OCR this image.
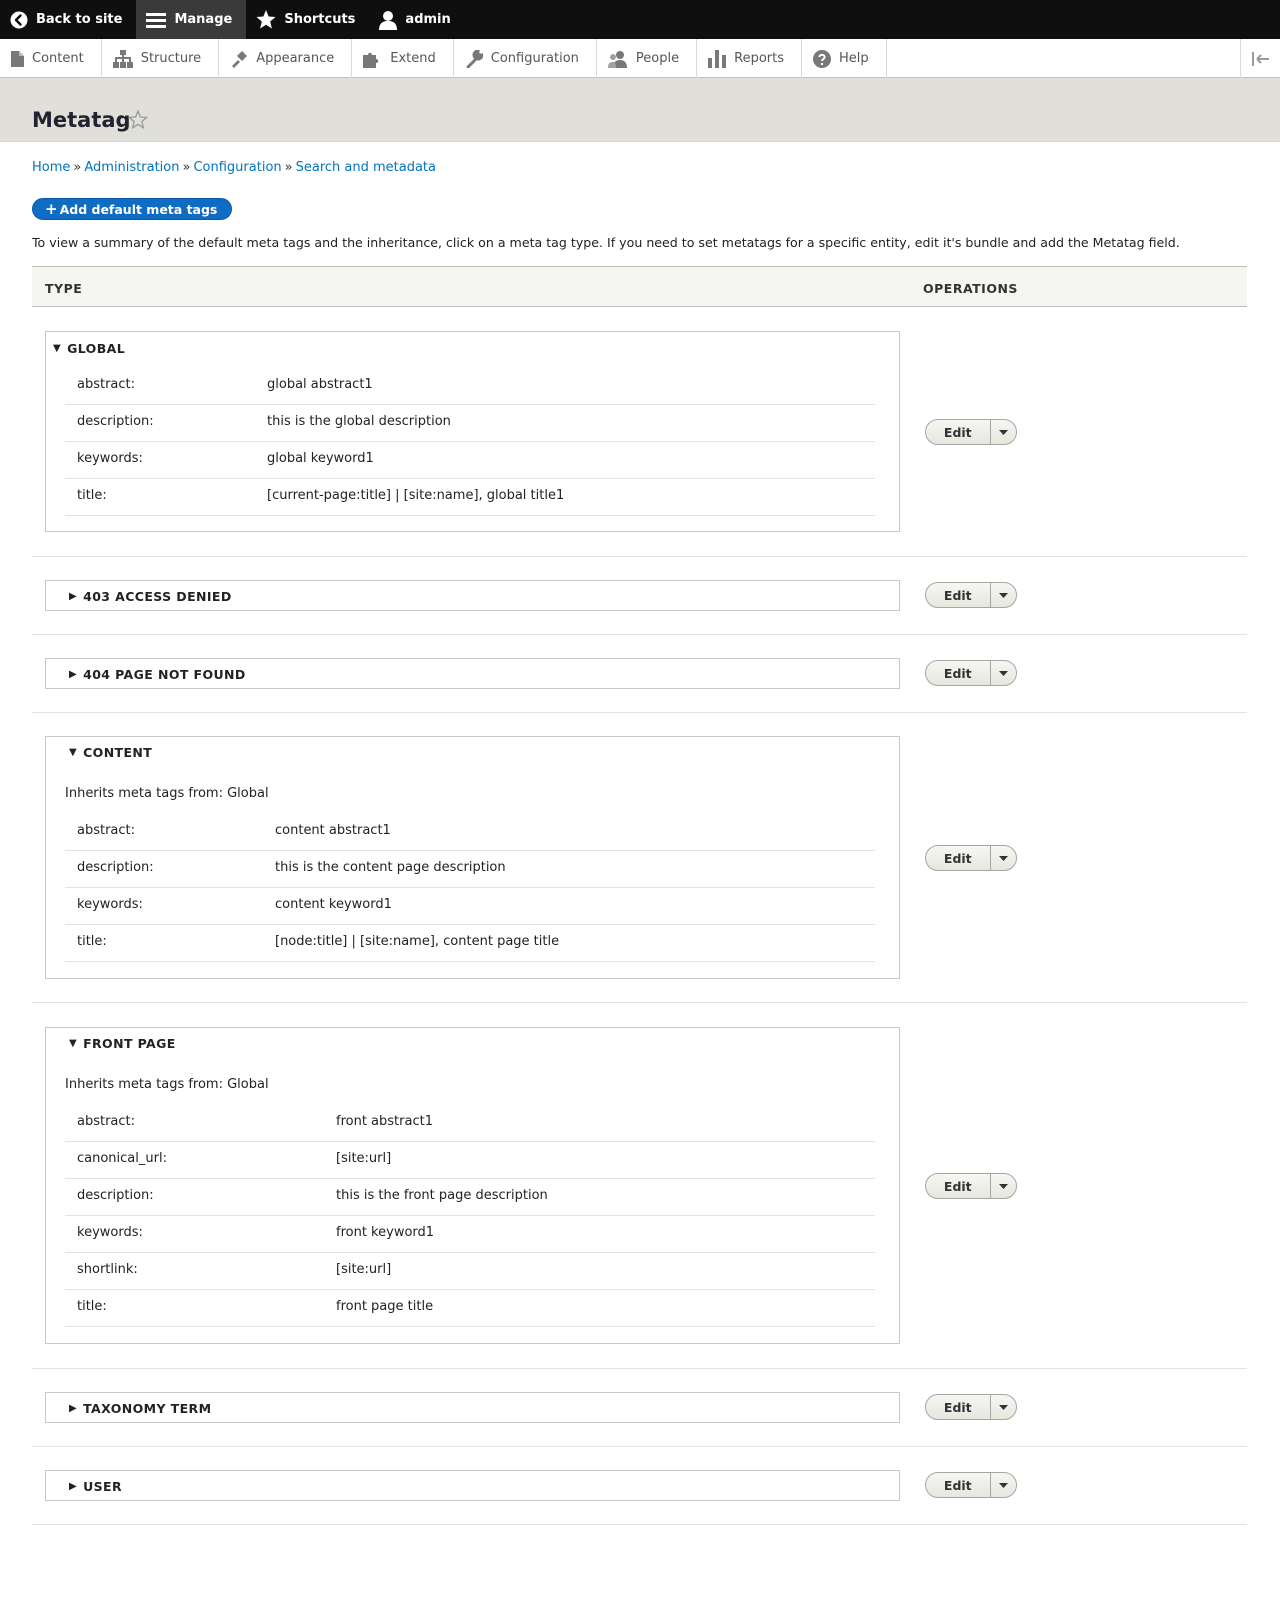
Back to site	Manage	Shortcuts	admin
Content	Structure	Appearance	Extend	Configuration	People	Reports	Help
Metatag
Home » Administration » Configuration » Search and metadata
+ Add default meta tags
To view a summary of the default meta tags and the inheritance, click on a meta tag type. If you need to set metatags for a specific entity, edit it's bundle and add the Metatag field.
TYPE	OPERATIONS
▼ GLOBAL
abstract:	global abstract1
description:	this is the global description
keywords:	global keyword1
title:	[current-page:title] | [site:name], global title1
Edit
▶ 403 ACCESS DENIED	Edit
▶ 404 PAGE NOT FOUND	Edit
▼ CONTENT
Inherits meta tags from: Global
abstract:	content abstract1
description:	this is the content page description
keywords:	content keyword1
title:	[node:title] | [site:name], content page title
Edit
▼ FRONT PAGE
Inherits meta tags from: Global
abstract:	front abstract1
canonical_url:	[site:url]
description:	this is the front page description
keywords:	front keyword1
shortlink:	[site:url]
title:	front page title
Edit
▶ TAXONOMY TERM	Edit
▶ USER	Edit
